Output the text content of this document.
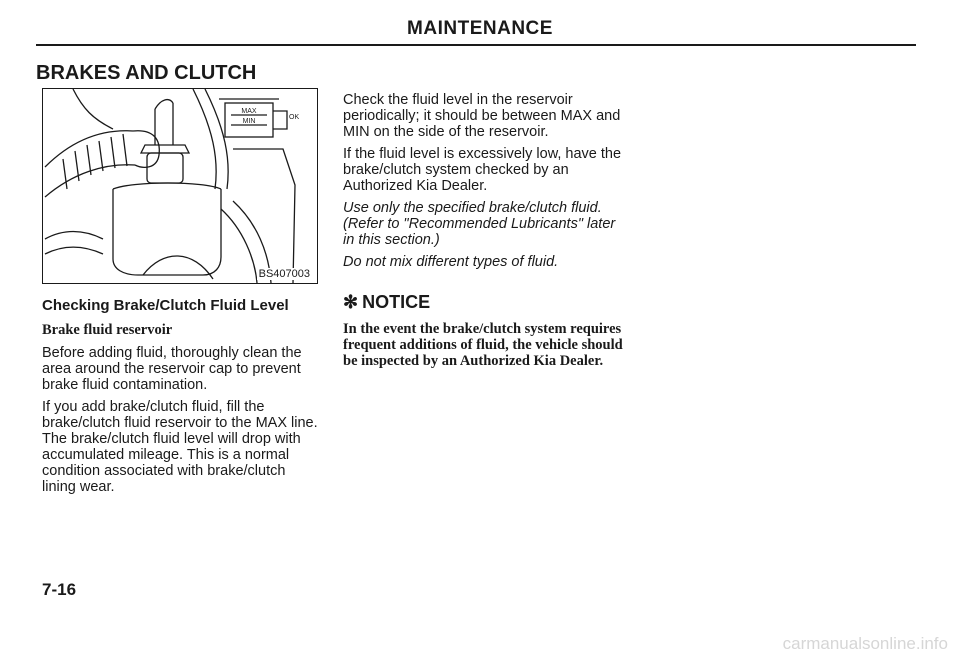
MAINTENANCE
BRAKES AND CLUTCH
MAX
MIN
OK
BS407003
Checking Brake/Clutch Fluid Level
Brake fluid reservoir

Before adding fluid, thoroughly clean the area around the reservoir cap to prevent brake fluid contamination.

If you add brake/clutch fluid, fill the brake/clutch fluid reservoir to the MAX line. The brake/clutch fluid level will drop with accumulated mileage. This is a normal condition associated with brake/clutch lining wear.

Check the fluid level in the reservoir periodically; it should be between MAX and MIN on the side of the reservoir.

If the fluid level is excessively low, have the brake/clutch system checked by an Authorized Kia Dealer.

Use only the specified brake/clutch fluid. (Refer to "Recommended Lubricants" later in this section.)

Do not mix different types of fluid.

✻ NOTICE

In the event the brake/clutch system requires frequent additions of fluid, the vehicle should be inspected by an Authorized Kia Dealer.

7-16
carmanualsonline.info
